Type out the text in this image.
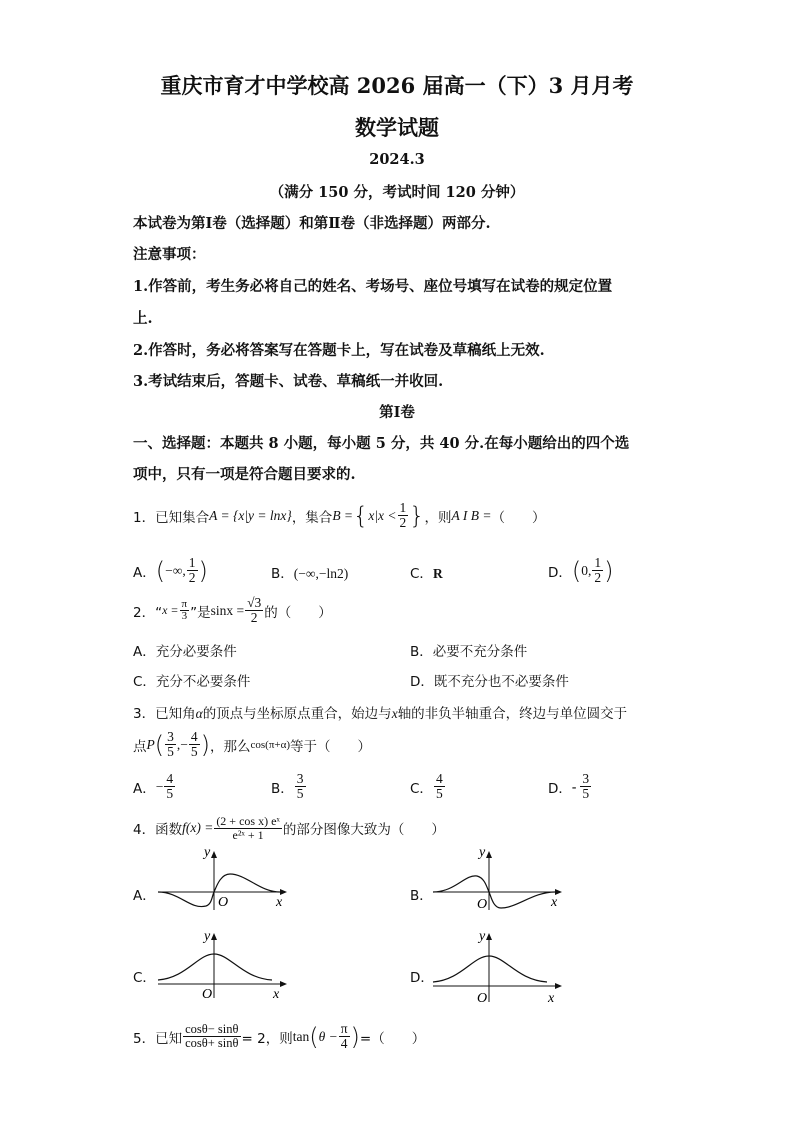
重庆市育才中学校高 2026 届高一（下）3 月月考
数学试题
2024.3
（满分 150 分，考试时间 120 分钟）
本试卷为第Ⅰ卷（选择题）和第Ⅱ卷（非选择题）两部分.
注意事项：
1.作答前，考生务必将自己的姓名、考场号、座位号填写在试卷的规定位置
上.
2.作答时，务必将答案写在答题卡上，写在试卷及草稿纸上无效.
3.考试结束后，答题卡、试卷、草稿纸一并收回.
第Ⅰ卷
一、选择题：本题共 8 小题，每小题 5 分，共 40 分.在每小题给出的四个选
项中，只有一项是符合题目要求的.
1．已知集合 A = {x|y = lnx} ，集合 B = { $x|x < \frac{1}{2}$ } ，则 A I B = （　　）
A． ( −∞, $\frac{1}{2}$ )	B．(−∞,−ln2)	C．R	D． ( 0, $\frac{1}{2}$ )
2．“ $x = \frac{\pi}{3}$ ”是 $\sin x = \frac{√3}{2}$ 的（　　）
A．充分必要条件	B．必要不充分条件
C．充分不必要条件	D．既不充分也不必要条件
3．已知角α的顶点与坐标原点重合，始边与x轴的非负半轴重合，终边与单位圆交于
点 P ( $\frac{3}{5}$ ,− $\frac{4}{5}$ ) ，那么 cos(π+α) 等于（　　）
A． − $\frac{4}{5}$	B． $\frac{3}{5}$	C． $\frac{4}{5}$	D． - $\frac{3}{5}$
4．函数 $f(x) = \frac{\text{(2 + cos x) eˣ}}{\text{e²ˣ + 1}}$ 的部分图像大致为（　　）
A．
y
x
O	B．
y
x
O
C．
y
x
O
D．
y
x
O
5．已知 $\frac{\cos\theta- \sin\theta}{\cos\theta+ \sin\theta} = 2$，则 tan ( $\theta - \frac{\pi}{4}$ ) =（　　）
